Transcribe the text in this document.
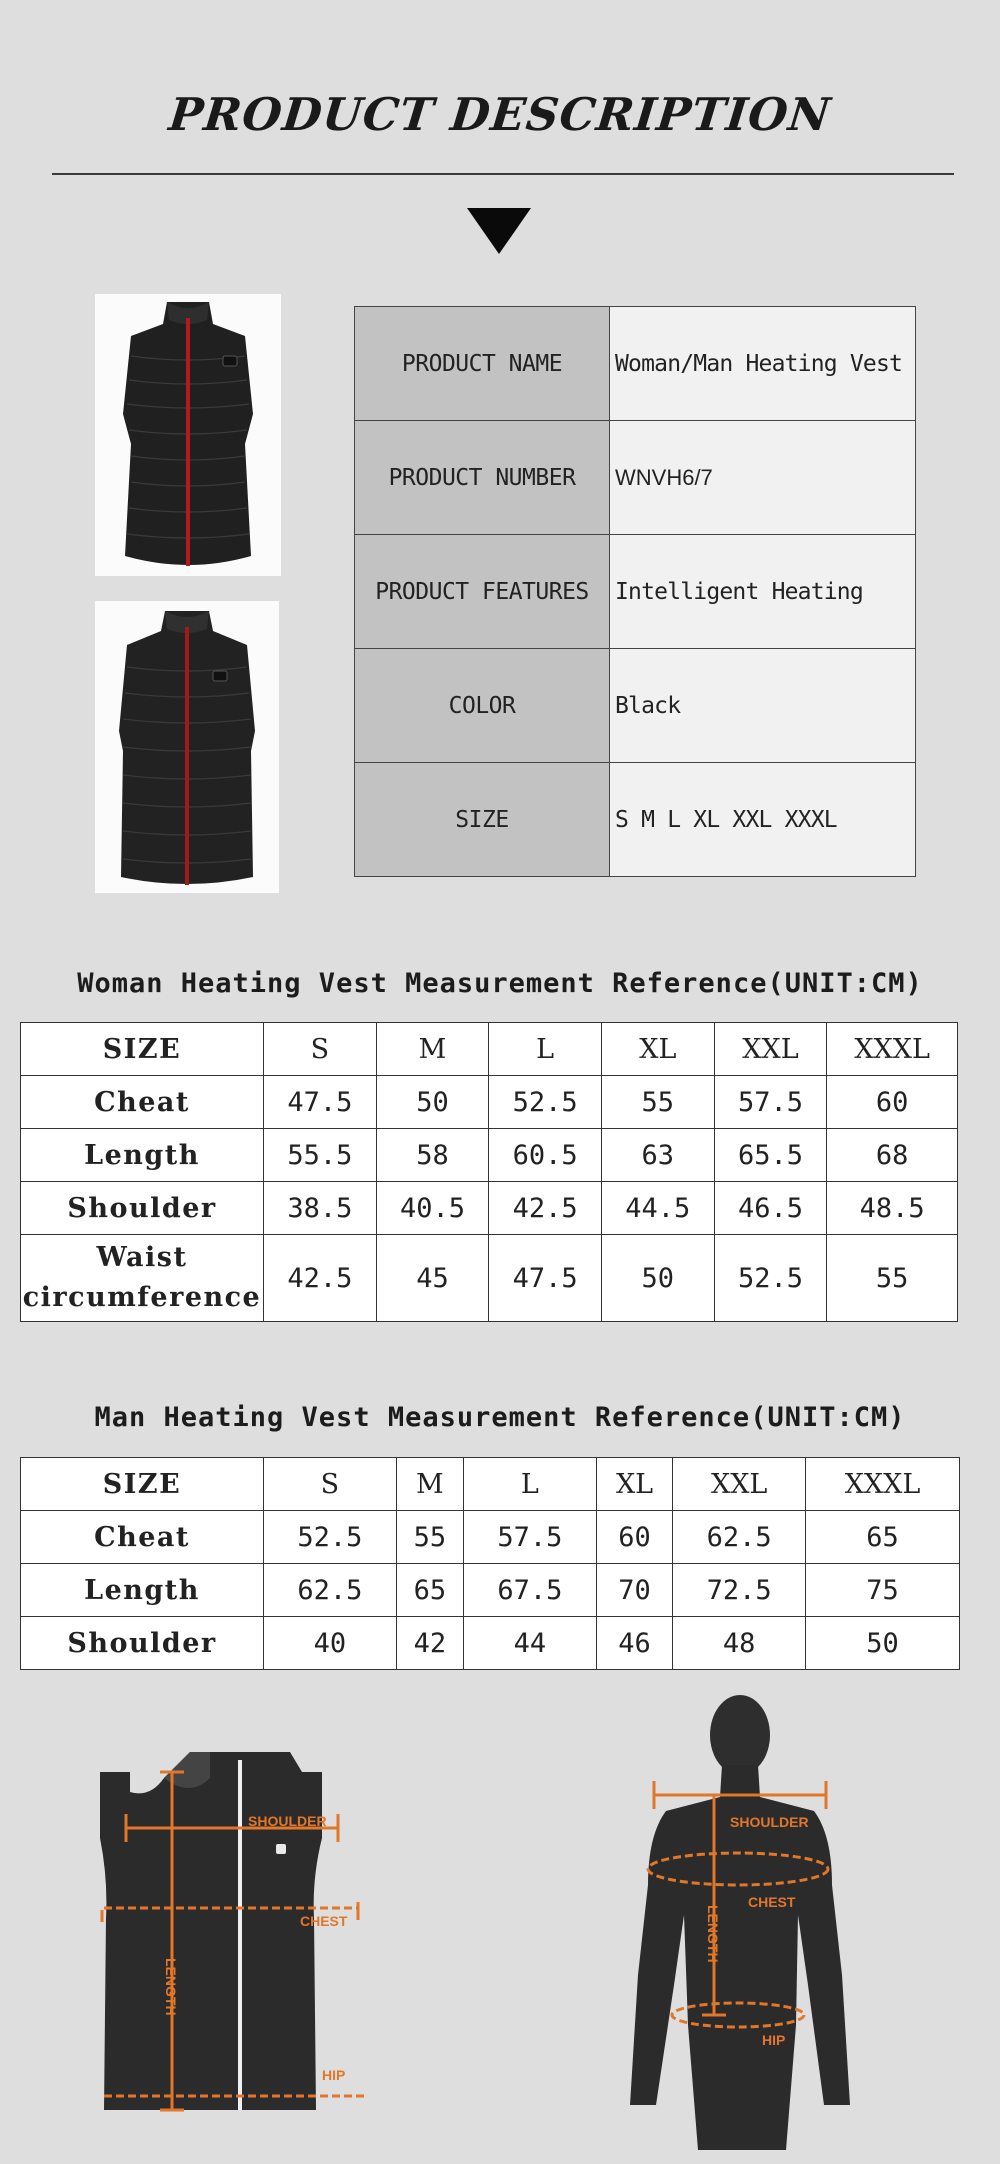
PRODUCT DESCRIPTION
PRODUCT NAME	Woman/Man Heating Vest
PRODUCT NUMBER	WNVH6/7
PRODUCT FEATURES	Intelligent Heating
COLOR	Black
SIZE	S M L XL XXL XXXL
Woman Heating Vest Measurement Reference(UNIT:CM)
SIZE	S	M	L	XL	XXL	XXXL
Cheat	47.5	50	52.5	55	57.5	60
Length	55.5	58	60.5	63	65.5	68
Shoulder	38.5	40.5	42.5	44.5	46.5	48.5
Waist circumference	42.5	45	47.5	50	52.5	55
Man Heating Vest Measurement Reference(UNIT:CM)
SIZE	S	M	L	XL	XXL	XXXL
Cheat	52.5	55	57.5	60	62.5	65
Length	62.5	65	67.5	70	72.5	75
Shoulder	40	42	44	46	48	50
SHOULDER
CHEST
LENGTH
HIP
SHOULDER
CHEST
LENGTH
HIP
